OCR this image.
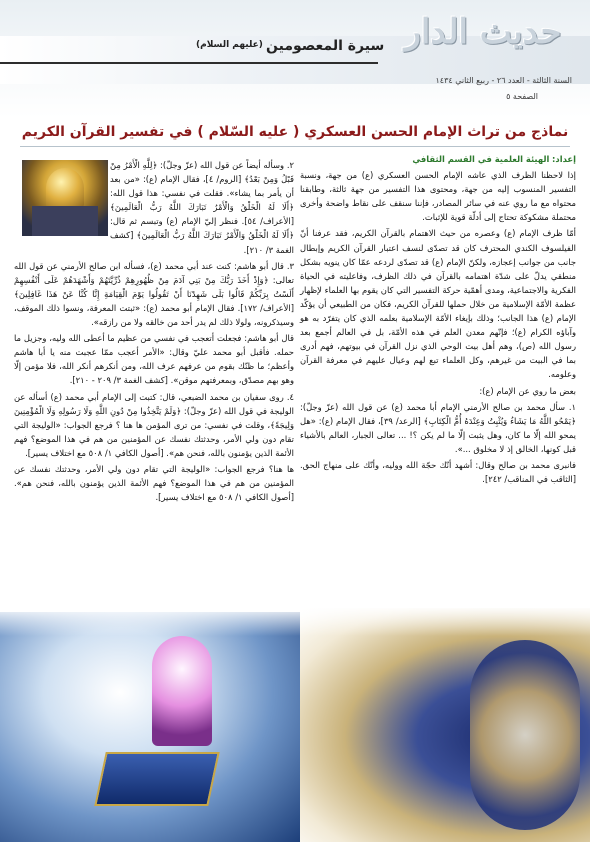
حديث الدار
السنة الثالثة - العدد ٢٦ - ربيع الثاني ١٤٣٤
الصفحة ٥
سيرة المعصومين
(عليهم السلام)
نماذج من تراث الإمام الحسن العسكري ( عليه السّلام ) في تفسير القرآن الكريم

إعداد: الهيئة العلمية في القسم الثقافي

إذا لاحظنا الظرف الذي عاشه الإمام الحسن العسكري (ع) من جهة، ونسبة التفسير المنسوب إليه من جهة، ومحتوى هذا التفسير من جهة ثالثة، وطابقنا محتواه مع ما روي عنه في سائر المصادر، فإننا سنقف على نقاط واضحة وأخرى محتملة مشكوكة تحتاج إلى أدلّة قوية للإثبات.

أمّا ظرف الإمام (ع) وعصره من حيث الاهتمام بالقرآن الكريم، فقد عرفنا أنّ الفيلسوف الكندي المحترف كان قد تصدّى لنسف اعتبار القرآن الكريم وإبطال جانب من جوانب إعجازه، ولكنّ الإمام (ع) قد تصدّى لردعه عمّا كان ينويه بشكل منطقي يدلّ على شدّة اهتمامه بالقرآن في ذلك الظرف، وفاعليته في الحياة الفكرية والاجتماعية، ومدى أهمّية حركة التفسير التي كان يقوم بها العلماء لإظهار عظمة الأمّة الإسلامية من خلال حملها للقرآن الكريم، فكان من الطبيعي أن يؤكّد الإمام (ع) هذا الجانب؛ وذلك بإيغاء الأمّة الإسلامية بعلمه الذي كان يتفرّد به هو وآباؤه الكرام (ع)؛ فإنّهم معدن العلم في هذه الأمّة، بل في العالم أجمع بعد رسول الله (ص)، وهم أهل بيت الوحي الذي نزل القرآن في بيوتهم، فهم أدرى بما في البيت من غيرهم، وكل العلماء تبع لهم وعيال عليهم في معرفة القرآن وعلومه.

بعض ما روي عن الإمام (ع):

١. سأل محمد بن صالح الأرمني الإمام أبا محمد (ع) عن قول الله (عزّ وجلّ): ﴿يَمْحُو اللَّهُ مَا يَشَاءُ وَيُثْبِتُ وَعِنْدَهُ أُمُّ الْكِتَابِ﴾ [الرعد/ ٣٩]، فقال الإمام (ع): «هل يمحو الله إلّا ما كان، وهل يثبت إلّا ما لم يكن ؟! ... تعالى الجبار، العالم بالأشياء قبل كونها، الخالق إذ لا مخلوق ...».

فانبرى محمد بن صالح وقال: أشهد أنّك حجّة الله ووليه، وأنّك على منهاج الحق. [الثاقب في المناقب/ ٢٤٢].

٢. وسأله أيضاً عن قول الله (عزّ وجلّ): ﴿لِلَّهِ الْأَمْرُ مِنْ قَبْلُ وَمِنْ بَعْدُ﴾ [الروم/ ٤]، فقال الإمام (ع): «من بعد أن يأمر بما يشاء». فقلت في نفسي: هذا قول الله: ﴿أَلَا لَهُ الْخَلْقُ وَالْأَمْرُ تَبَارَكَ اللَّهُ رَبُّ الْعَالَمِينَ﴾ [الأعراف/ ٥٤]. فنظر إليّ الإمام (ع) وتبسم ثم قال: ﴿أَلَا لَهُ الْخَلْقُ وَالْأَمْرُ تَبَارَكَ اللَّهُ رَبُّ الْعَالَمِينَ﴾ [كشف الغمة ٣/ ٢١٠].

٣. قال أبو هاشم: كنت عند أبي محمد (ع)، فسأله ابن صالح الأرمني عن قول الله تعالى: ﴿وَإِذْ أَخَذَ رَبُّكَ مِنْ بَنِي آدَمَ مِنْ ظُهُورِهِمْ ذُرِّيَّتَهُمْ وَأَشْهَدَهُمْ عَلَى أَنْفُسِهِمْ أَلَسْتُ بِرَبِّكُمْ قَالُوا بَلَى شَهِدْنَا أَنْ تَقُولُوا يَوْمَ الْقِيَامَةِ إِنَّا كُنَّا عَنْ هَذَا غَافِلِينَ﴾ [الأعراف/ ١٧٢]. فقال الإمام أبو محمد (ع): «ثبتت المعرفة، ونسوا ذلك الموقف، وسيذكرونه، ولولا ذلك لم يدر أحد من خالقه ولا من رازقه».

قال أبو هاشم: فجعلت أتعجب في نفسي من عظيم ما أعطى الله وليه، وجزيل ما حمله. فأقبل أبو محمد عليّ وقال: «الأمر أعجب ممّا عجبت منه يا أبا هاشم وأعظم؛ ما ظنّك بقوم من عرفهم عرف الله، ومن أنكرهم أنكر الله، فلا مؤمن إلّا وهو بهم مصدّق، وبمعرفتهم موقن». [كشف الغمة ٣/ ٢٠٩ - ٢١٠].

٤. روى سفيان بن محمد الضبعي، قال: كتبت إلى الإمام أبي محمد (ع) أسأله عن الوليجة في قول الله (عزّ وجلّ): ﴿وَلَمْ يَتَّخِذُوا مِنْ دُونِ اللَّهِ وَلَا رَسُولِهِ وَلَا الْمُؤْمِنِينَ وَلِيجَةً﴾، وقلت في نفسي: من ترى المؤمن ها هنا ؟ فرجع الجواب: «الوليجة التي تقام دون ولي الأمر، وحدثتك نفسك عن المؤمنين من هم في هذا الموضع؟ فهم الأئمة الذين يؤمنون بالله، فنحن هم». [أصول الكافي ١/ ٥٠٨ مع اختلاف يسير].

ها هنا؟ فرجع الجواب: «الوليجة التي تقام دون ولي الأمر، وحدثتك نفسك عن المؤمنين من هم في هذا الموضع؟ فهم الأئمة الذين يؤمنون بالله، فنحن هم». [أصول الكافي ١/ ٥٠٨ مع اختلاف يسير].
